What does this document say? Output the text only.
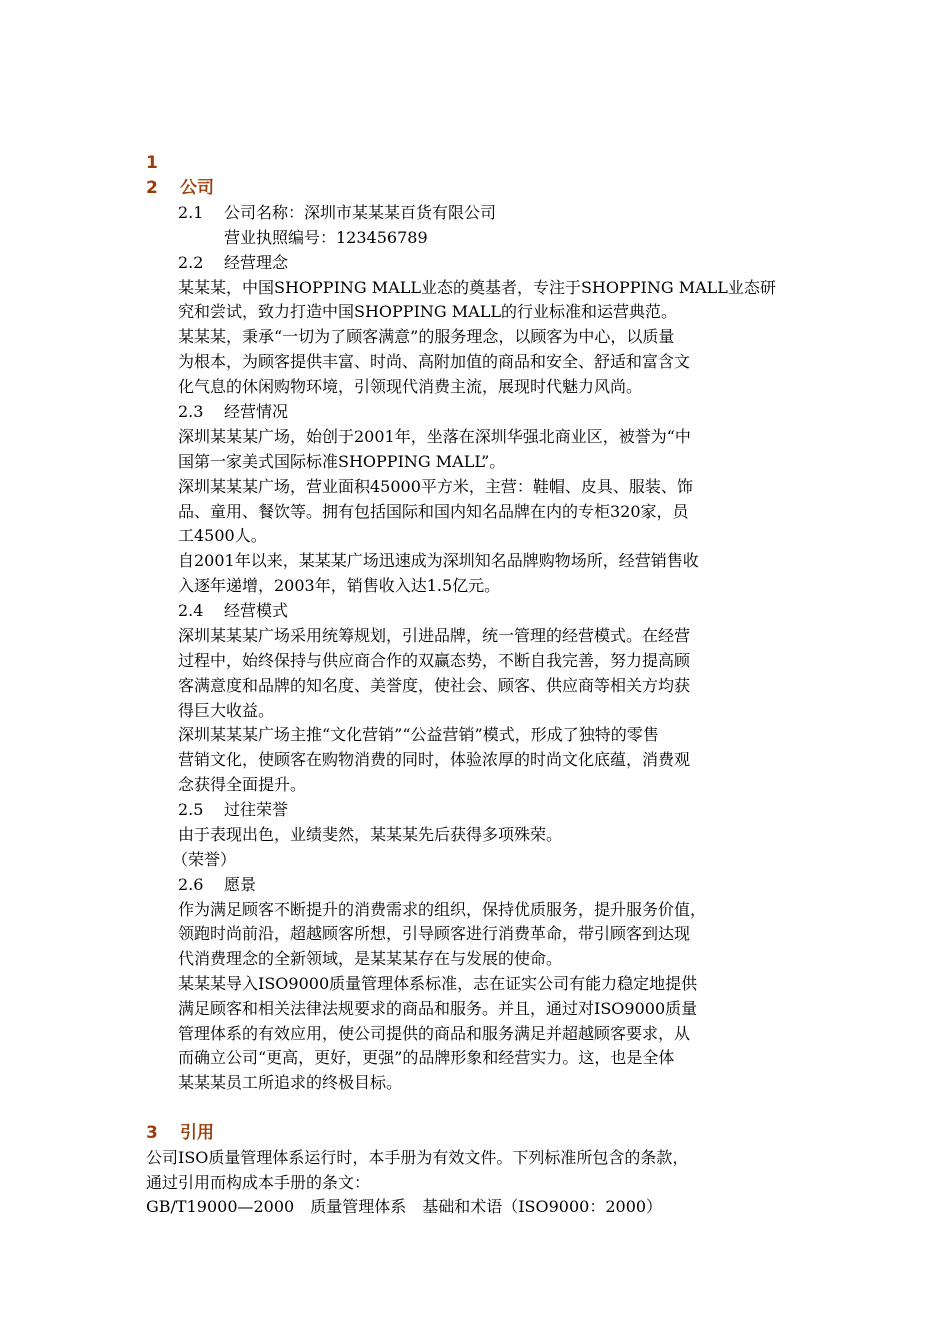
1
2 公司
2.1 公司名称：深圳市某某某百货有限公司
营业执照编号：123456789
2.2 经营理念
某某某，中国SHOPPING MALL业态的奠基者，专注于SHOPPING MALL业态研
究和尝试，致力打造中国SHOPPING MALL的行业标准和运营典范。
某某某，秉承“一切为了顾客满意”的服务理念，以顾客为中心，以质量
为根本，为顾客提供丰富、时尚、高附加值的商品和安全、舒适和富含文
化气息的休闲购物环境，引领现代消费主流，展现时代魅力风尚。
2.3 经营情况
深圳某某某广场，始创于2001年，坐落在深圳华强北商业区，被誉为“中
国第一家美式国际标准SHOPPING MALL”。
深圳某某某广场，营业面积45000平方米，主营：鞋帽、皮具、服装、饰
品、童用、餐饮等。拥有包括国际和国内知名品牌在内的专柜320家，员
工4500人。
自2001年以来，某某某广场迅速成为深圳知名品牌购物场所，经营销售收
入逐年递增，2003年，销售收入达1.5亿元。
2.4 经营模式
深圳某某某广场采用统筹规划，引进品牌，统一管理的经营模式。在经营
过程中，始终保持与供应商合作的双赢态势，不断自我完善，努力提高顾
客满意度和品牌的知名度、美誉度，使社会、顾客、供应商等相关方均获
得巨大收益。
深圳某某某广场主推“文化营销”“公益营销”模式，形成了独特的零售
营销文化，使顾客在购物消费的同时，体验浓厚的时尚文化底蕴，消费观
念获得全面提升。
2.5 过往荣誉
由于表现出色，业绩斐然，某某某先后获得多项殊荣。
（荣誉）
2.6 愿景
作为满足顾客不断提升的消费需求的组织，保持优质服务，提升服务价值，
领跑时尚前沿，超越顾客所想，引导顾客进行消费革命，带引顾客到达现
代消费理念的全新领域，是某某某存在与发展的使命。
某某某导入ISO9000质量管理体系标准，志在证实公司有能力稳定地提供
满足顾客和相关法律法规要求的商品和服务。并且，通过对ISO9000质量
管理体系的有效应用，使公司提供的商品和服务满足并超越顾客要求，从
而确立公司“更高，更好，更强”的品牌形象和经营实力。这，也是全体
某某某员工所追求的终极目标。
3 引用
公司ISO质量管理体系运行时，本手册为有效文件。下列标准所包含的条款，
通过引用而构成本手册的条文：
GB/T19000—2000　质量管理体系　基础和术语（ISO9000：2000）
